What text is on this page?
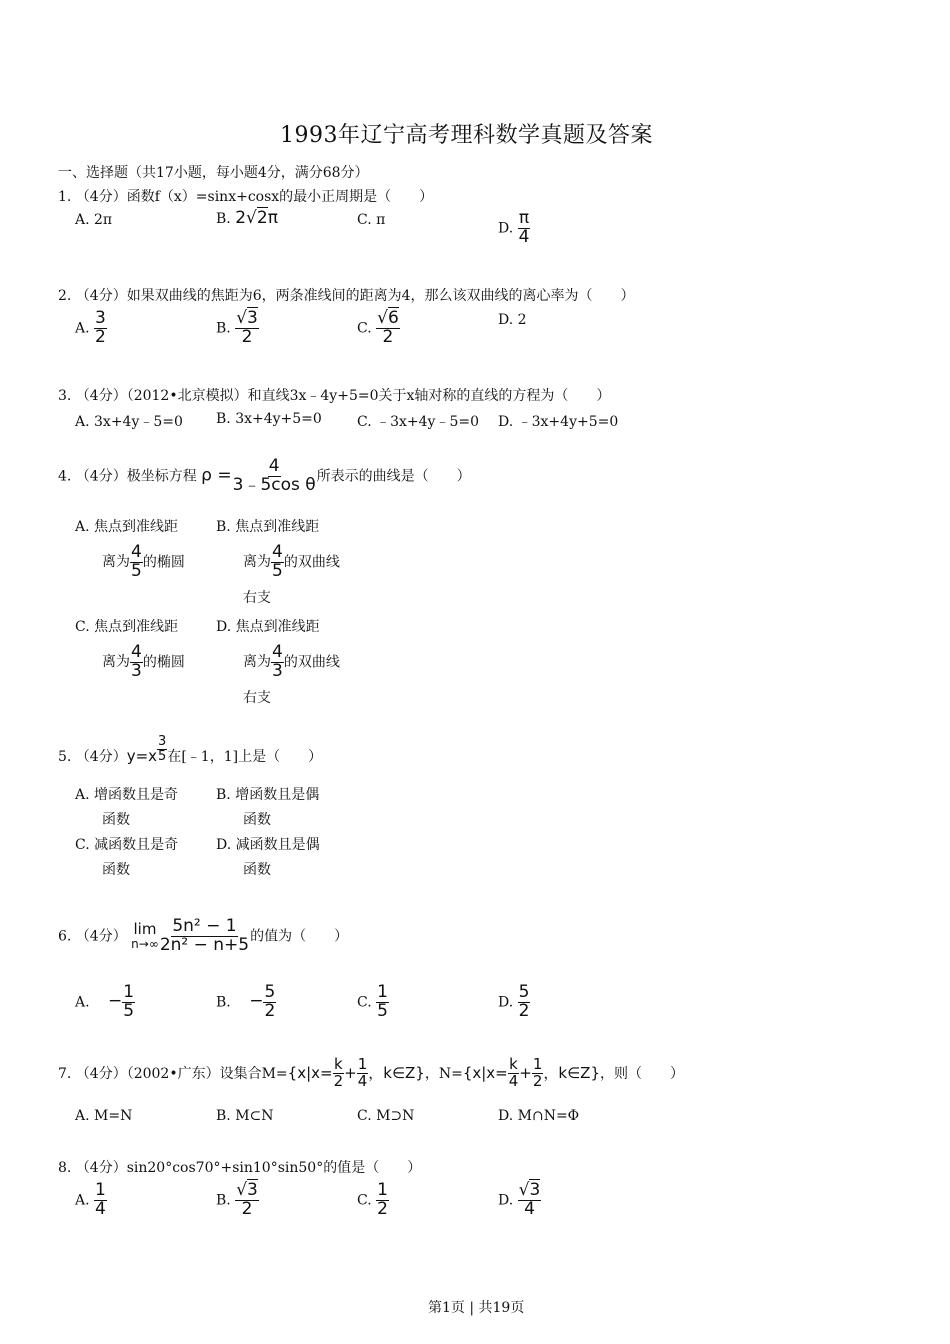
1993年辽宁高考理科数学真题及答案
一、选择题（共17小题，每小题4分，满分68分）
1. （4分）函数f（x）=sinx+cosx的最小正周期是（　　）
A. 2π	B. 2√2π	C. π
D. $\frac{\pi}{4}$
2. （4分）如果双曲线的焦距为6，两条准线间的距离为4，那么该双曲线的离心率为（　　）
A. $\frac{3}{2}$	B. $\frac{√3}{2}$	C. $\frac{√6}{2}$	D. 2
3. （4分）（2012•北京模拟）和直线3x﹣4y+5=0关于x轴对称的直线的方程为（　　）
A. 3x+4y﹣5=0 B. 3x+4y+5=0	C. ﹣3x+4y﹣5=0 D. ﹣3x+4y+5=0
4. （4分）极坐标方程 $\rho = \frac{4}{\text{3﹣5cos θ}}$ 所表示的曲线是（　　）
A. 焦点到准线距
离为 $\frac{4}{5}$ 的椭圆
B. 焦点到准线距
离为 $\frac{4}{5}$ 的双曲线
右支
C. 焦点到准线距
离为 $\frac{4}{3}$ 的椭圆
D. 焦点到准线距
离为 $\frac{4}{3}$ 的双曲线
右支
5. （4分）$y=x \frac{3}{5}$ 在[﹣1，1]上是（　　）
A. 增函数且是奇
函数
B. 增函数且是偶
函数
C. 减函数且是奇
函数
D. 减函数且是偶
函数
6. （4分） lim
$n\to\infty \frac{\text{5n² − 1}}{\text{2n² − n+5}}$ 的值为（　　）
A. − $\frac{1}{5}$	B. − $\frac{5}{2}$	C. $\frac{1}{5}$	D. $\frac{5}{2}$
7. （4分）（2002•广东）设集合$M=\{x|x= \frac{k}{2} + \frac{1}{4}$ ，k∈Z}，$N=\{x|x= \frac{k}{4} + \frac{1}{2}$ ，k∈Z}，则（　　）
A. M=N	B. M⊂N	C. M⊃N	D. M∩N=Φ
8. （4分）sin20°cos70°+sin10°sin50°的值是（　　）
A. $\frac{1}{4}$	B. $\frac{√3}{2}$	C. $\frac{1}{2}$	D. $\frac{√3}{4}$
第1页 | 共19页
